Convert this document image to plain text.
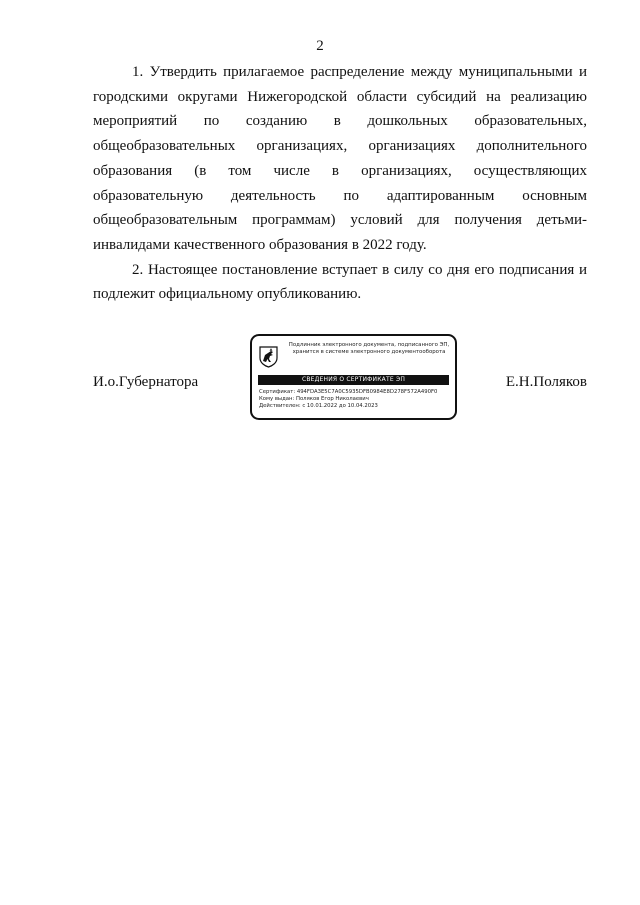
2

1. Утвердить прилагаемое распределение между муниципальными и городскими округами Нижегородской области субсидий на реализацию мероприятий по созданию в дошкольных образовательных, общеобразовательных организациях, организациях дополнительного образования (в том числе в организациях, осуществляющих образовательную деятельность по адаптированным основным общеобразовательным программам) условий для получения детьми-инвалидами качественного образования в 2022 году.

2. Настоящее постановление вступает в силу со дня его подписания и подлежит официальному опубликованию.

И.о.Губернатора	Е.Н.Поляков
Подлинник электронного документа, подписанного ЭП, хранится в системе электронного документооборота
СВЕДЕНИЯ О СЕРТИФИКАТЕ ЭП
Сертификат: 494FDA3E5C7A0C5935DFB0984E8D278F572A490F0
Кому выдан: Поляков Егор Николаевич
Действителен: с 10.01.2022 до 10.04.2023
